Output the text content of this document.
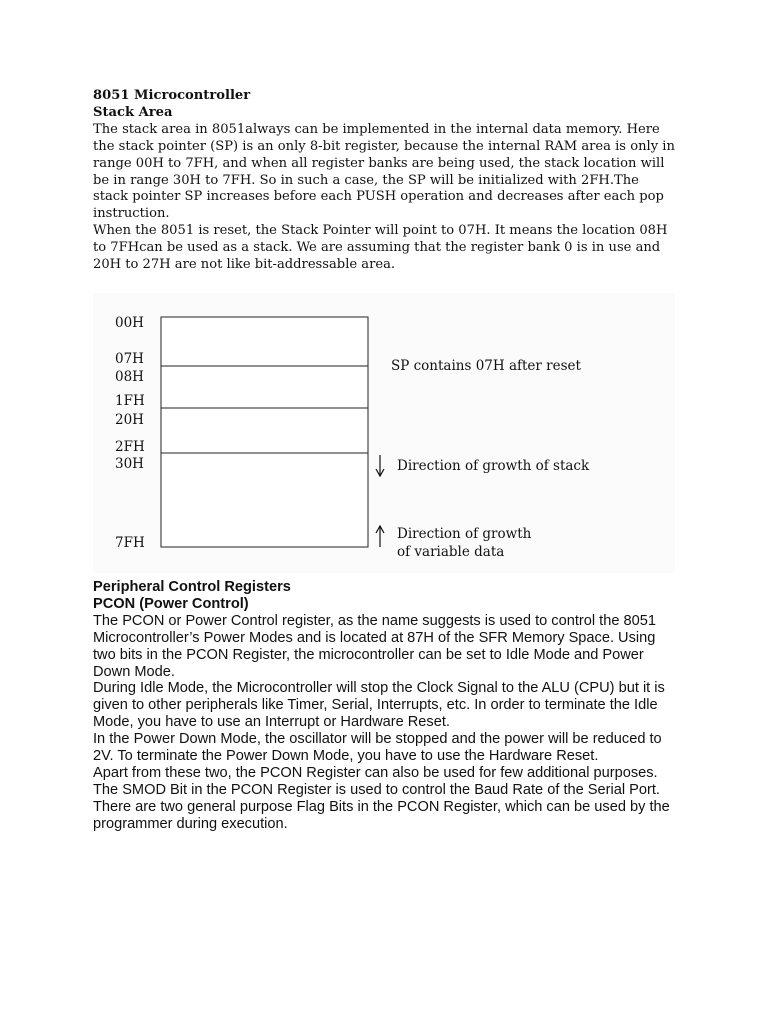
8051 Microcontroller

Stack Area

The stack area in 8051always can be implemented in the internal data memory. Here the stack pointer (SP) is an only 8-bit register, because the internal RAM area is only in range 00H to 7FH, and when all register banks are being used, the stack location will be in range 30H to 7FH. So in such a case, the SP will be initialized with 2FH.The stack pointer SP increases before each PUSH operation and decreases after each pop instruction.

When the 8051 is reset, the Stack Pointer will point to 07H. It means the location 08H to 7FHcan be used as a stack. We are assuming that the register bank 0 is in use and 20H to 27H are not like bit-addressable area.

00H
07H
08H
1FH
20H
2FH
30H
7FH
SP contains 07H after reset
Direction of growth of stack
Direction of growth
of variable data

Peripheral Control Registers

PCON (Power Control)

The PCON or Power Control register, as the name suggests is used to control the 8051 Microcontroller’s Power Modes and is located at 87H of the SFR Memory Space. Using two bits in the PCON Register, the microcontroller can be set to Idle Mode and Power Down Mode.

During Idle Mode, the Microcontroller will stop the Clock Signal to the ALU (CPU) but it is given to other peripherals like Timer, Serial, Interrupts, etc. In order to terminate the Idle Mode, you have to use an Interrupt or Hardware Reset.

In the Power Down Mode, the oscillator will be stopped and the power will be reduced to 2V. To terminate the Power Down Mode, you have to use the Hardware Reset.

Apart from these two, the PCON Register can also be used for few additional purposes. The SMOD Bit in the PCON Register is used to control the Baud Rate of the Serial Port.

There are two general purpose Flag Bits in the PCON Register, which can be used by the programmer during execution.
